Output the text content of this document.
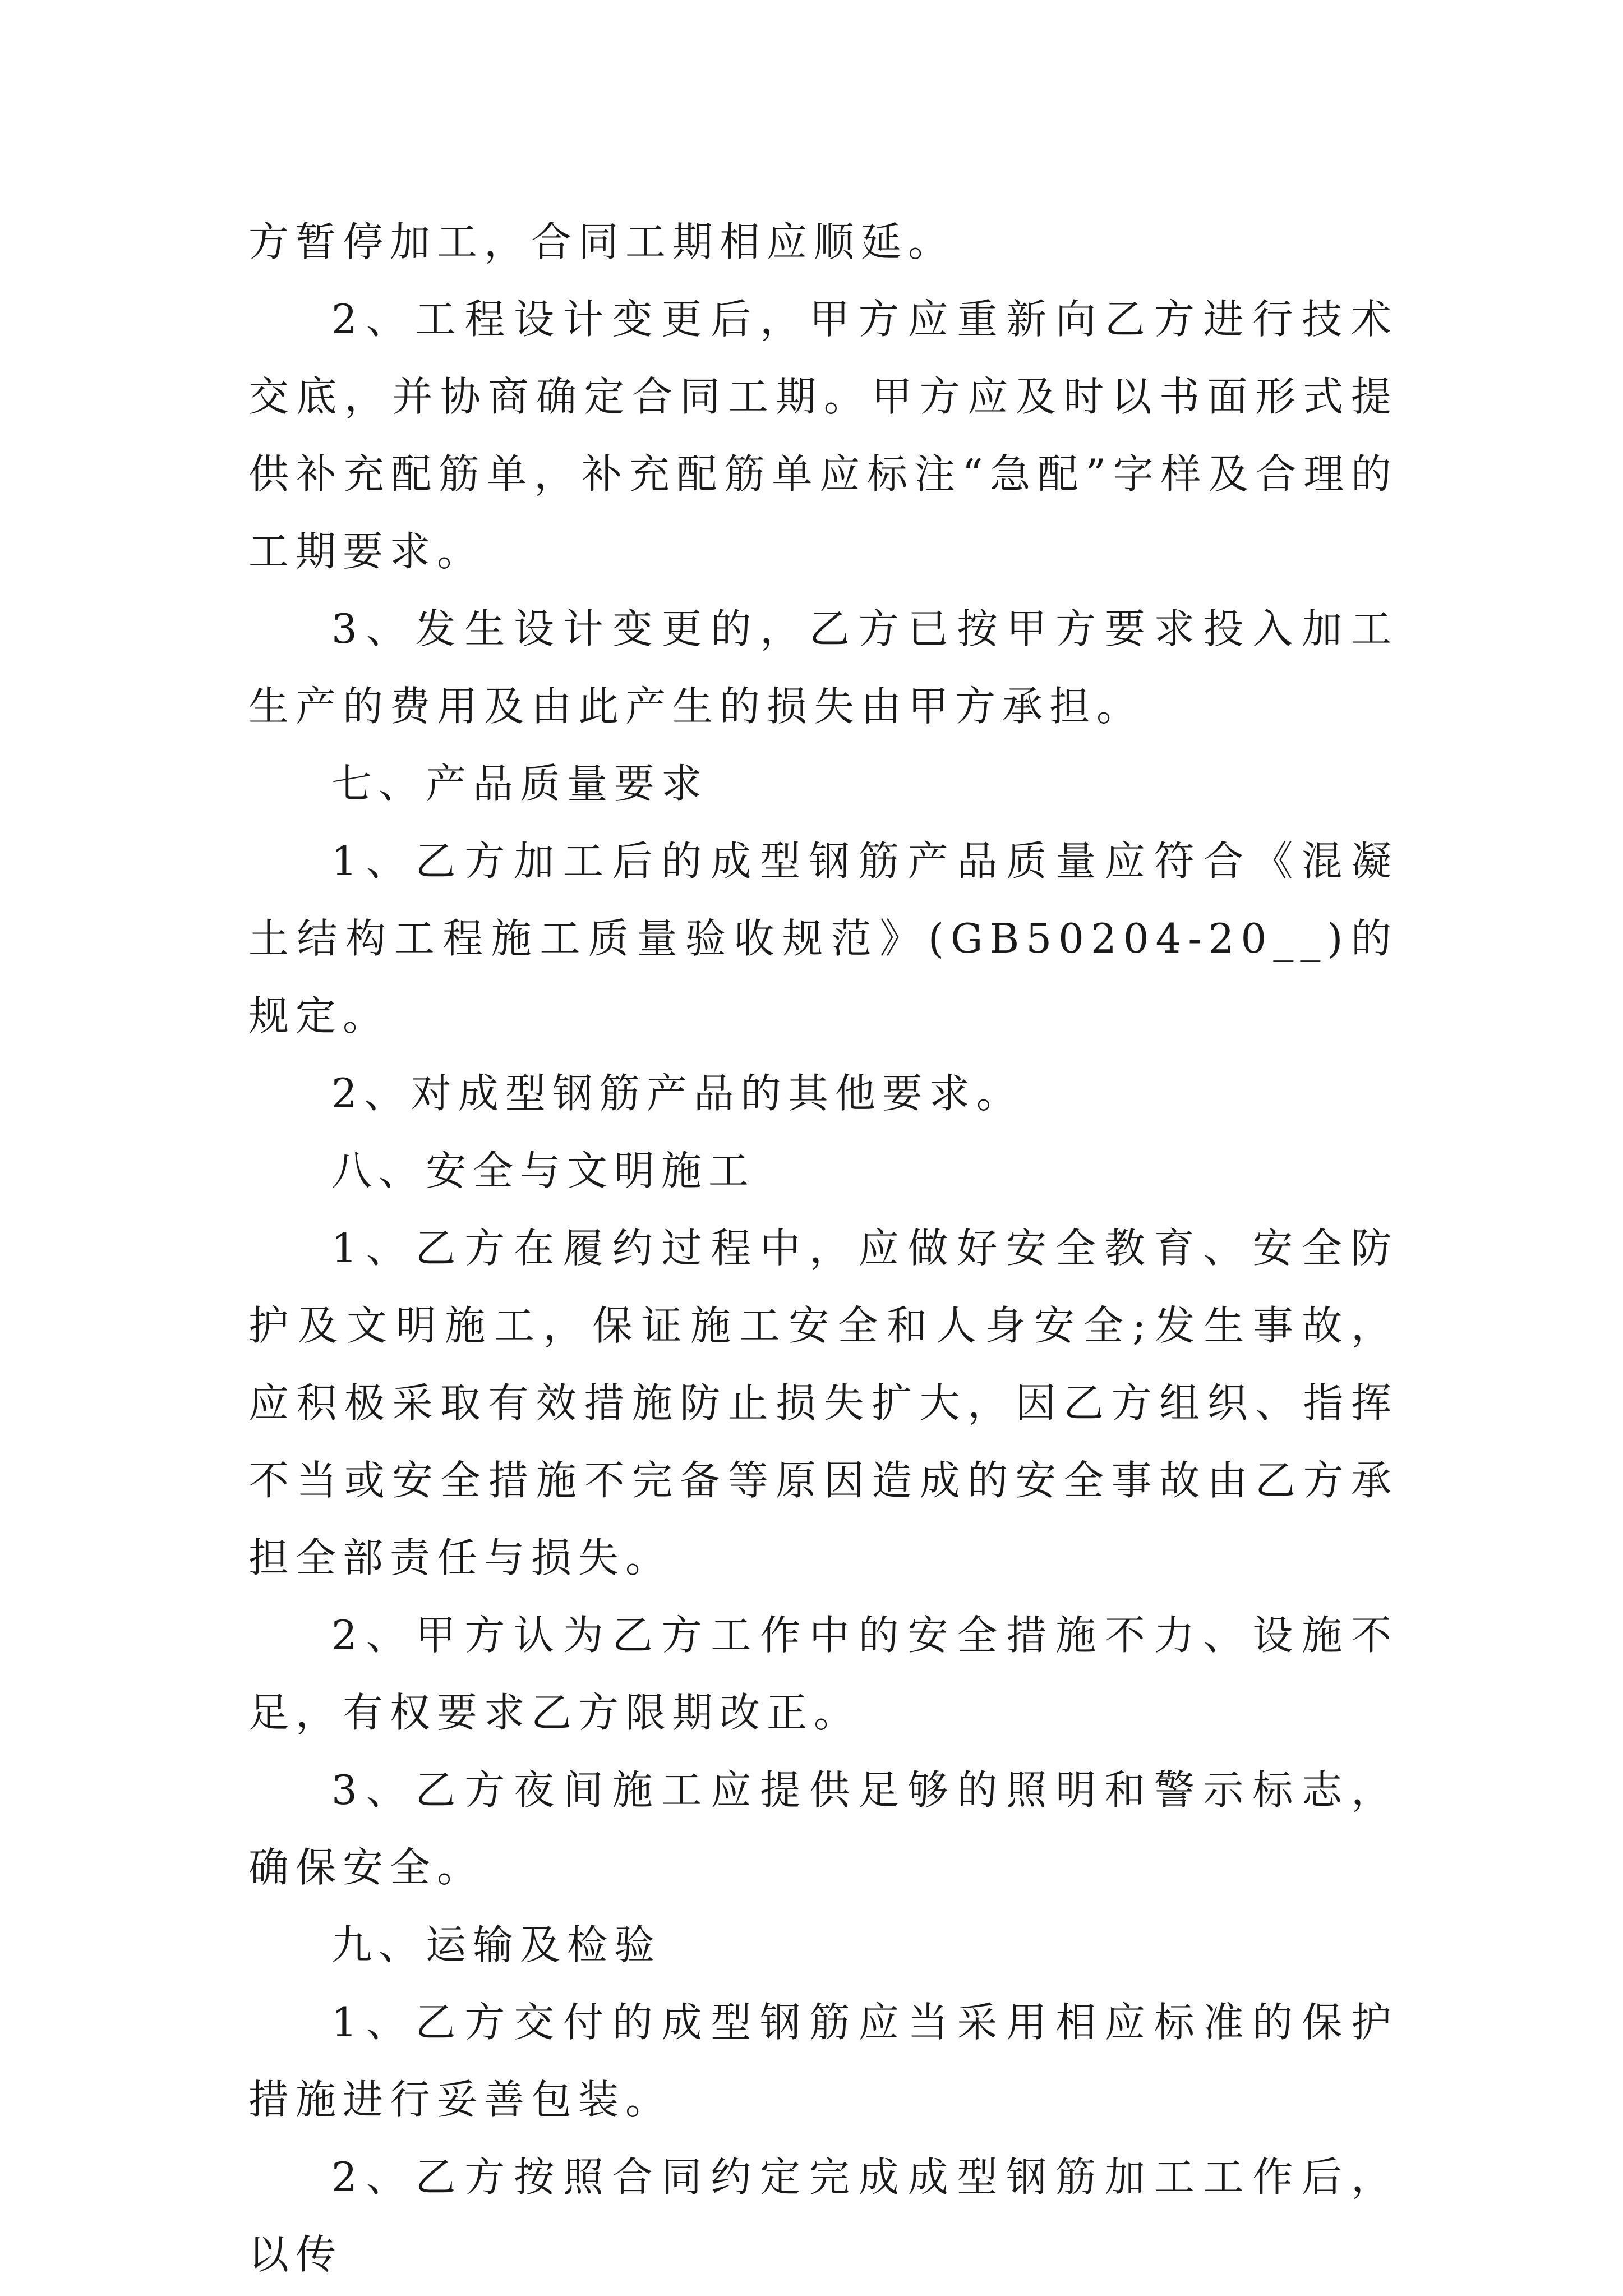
方暂停加工，合同工期相应顺延。

2、工程设计变更后，甲方应重新向乙方进行技术交底，并协商确定合同工期。甲方应及时以书面形式提供补充配筋单，补充配筋单应标注“急配”字样及合理的工期要求。

3、发生设计变更的，乙方已按甲方要求投入加工生产的费用及由此产生的损失由甲方承担。

七、产品质量要求

1、乙方加工后的成型钢筋产品质量应符合《混凝土结构工程施工质量验收规范》(GB50204-20__)的规定。

2、对成型钢筋产品的其他要求。

八、安全与文明施工

1、乙方在履约过程中，应做好安全教育、安全防护及文明施工，保证施工安全和人身安全;发生事故，应积极采取有效措施防止损失扩大，因乙方组织、指挥不当或安全措施不完备等原因造成的安全事故由乙方承担全部责任与损失。

2、甲方认为乙方工作中的安全措施不力、设施不足，有权要求乙方限期改正。

3、乙方夜间施工应提供足够的照明和警示标志，确保安全。

九、运输及检验

1、乙方交付的成型钢筋应当采用相应标准的保护措施进行妥善包装。

2、乙方按照合同约定完成成型钢筋加工工作后，以传
